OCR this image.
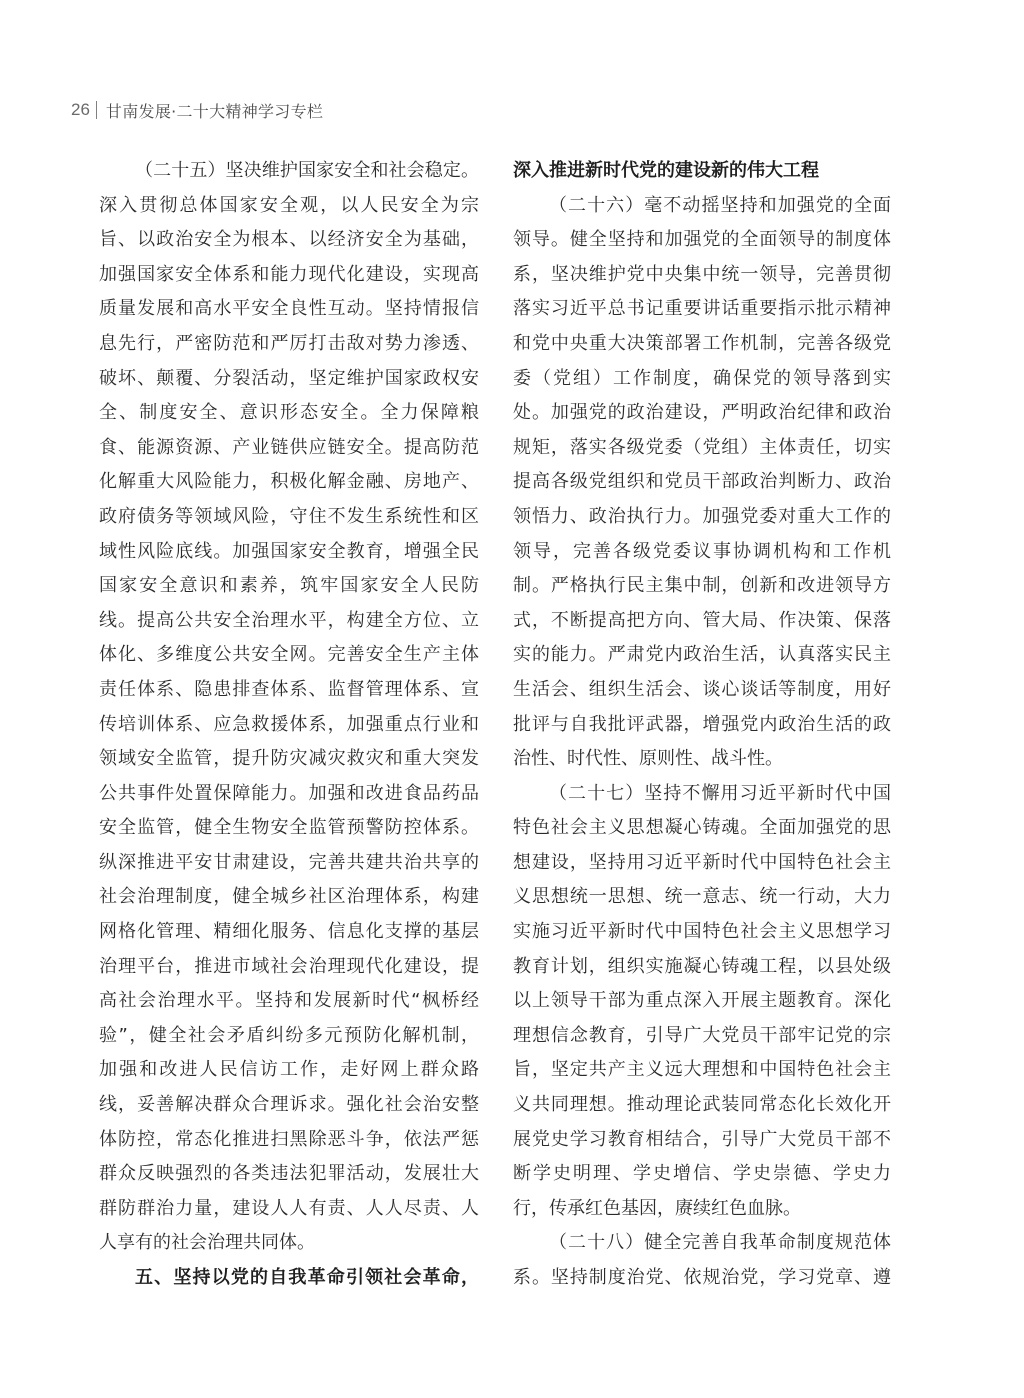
26 甘南发展·二十大精神学习专栏
（二十五）坚决维护国家安全和社会稳定。
深入贯彻总体国家安全观，以人民安全为宗
旨、以政治安全为根本、以经济安全为基础，
加强国家安全体系和能力现代化建设，实现高
质量发展和高水平安全良性互动。坚持情报信
息先行，严密防范和严厉打击敌对势力渗透、
破坏、颠覆、分裂活动，坚定维护国家政权安
全、制度安全、意识形态安全。全力保障粮
食、能源资源、产业链供应链安全。提高防范
化解重大风险能力，积极化解金融、房地产、
政府债务等领域风险，守住不发生系统性和区
域性风险底线。加强国家安全教育，增强全民
国家安全意识和素养，筑牢国家安全人民防
线。提高公共安全治理水平，构建全方位、立
体化、多维度公共安全网。完善安全生产主体
责任体系、隐患排查体系、监督管理体系、宣
传培训体系、应急救援体系，加强重点行业和
领域安全监管，提升防灾减灾救灾和重大突发
公共事件处置保障能力。加强和改进食品药品
安全监管，健全生物安全监管预警防控体系。
纵深推进平安甘肃建设，完善共建共治共享的
社会治理制度，健全城乡社区治理体系，构建
网格化管理、精细化服务、信息化支撑的基层
治理平台，推进市域社会治理现代化建设，提
高社会治理水平。坚持和发展新时代“枫桥经
验”，健全社会矛盾纠纷多元预防化解机制，
加强和改进人民信访工作，走好网上群众路
线，妥善解决群众合理诉求。强化社会治安整
体防控，常态化推进扫黑除恶斗争，依法严惩
群众反映强烈的各类违法犯罪活动，发展壮大
群防群治力量，建设人人有责、人人尽责、人
人享有的社会治理共同体。
五、坚持以党的自我革命引领社会革命，
深入推进新时代党的建设新的伟大工程
（二十六）毫不动摇坚持和加强党的全面
领导。健全坚持和加强党的全面领导的制度体
系，坚决维护党中央集中统一领导，完善贯彻
落实习近平总书记重要讲话重要指示批示精神
和党中央重大决策部署工作机制，完善各级党
委（党组）工作制度，确保党的领导落到实
处。加强党的政治建设，严明政治纪律和政治
规矩，落实各级党委（党组）主体责任，切实
提高各级党组织和党员干部政治判断力、政治
领悟力、政治执行力。加强党委对重大工作的
领导，完善各级党委议事协调机构和工作机
制。严格执行民主集中制，创新和改进领导方
式，不断提高把方向、管大局、作决策、保落
实的能力。严肃党内政治生活，认真落实民主
生活会、组织生活会、谈心谈话等制度，用好
批评与自我批评武器，增强党内政治生活的政
治性、时代性、原则性、战斗性。
（二十七）坚持不懈用习近平新时代中国
特色社会主义思想凝心铸魂。全面加强党的思
想建设，坚持用习近平新时代中国特色社会主
义思想统一思想、统一意志、统一行动，大力
实施习近平新时代中国特色社会主义思想学习
教育计划，组织实施凝心铸魂工程，以县处级
以上领导干部为重点深入开展主题教育。深化
理想信念教育，引导广大党员干部牢记党的宗
旨，坚定共产主义远大理想和中国特色社会主
义共同理想。推动理论武装同常态化长效化开
展党史学习教育相结合，引导广大党员干部不
断学史明理、学史增信、学史崇德、学史力
行，传承红色基因，赓续红色血脉。
（二十八）健全完善自我革命制度规范体
系。坚持制度治党、依规治党，学习党章、遵
